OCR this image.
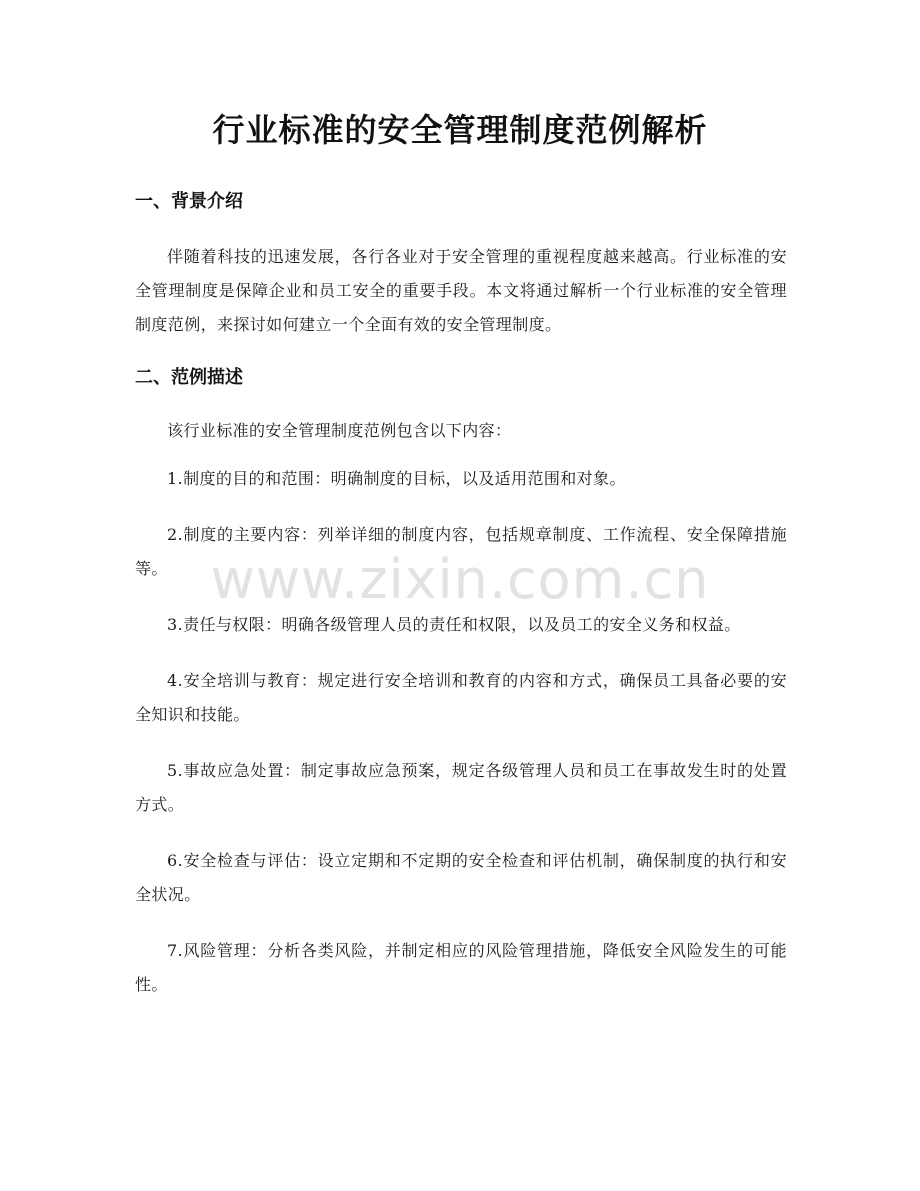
行业标准的安全管理制度范例解析
一、背景介绍

伴随着科技的迅速发展，各行各业对于安全管理的重视程度越来越高。行业标准的安全管理制度是保障企业和员工安全的重要手段。本文将通过解析一个行业标准的安全管理制度范例，来探讨如何建立一个全面有效的安全管理制度。

二、范例描述

该行业标准的安全管理制度范例包含以下内容：

1.制度的目的和范围：明确制度的目标，以及适用范围和对象。

2.制度的主要内容：列举详细的制度内容，包括规章制度、工作流程、安全保障措施等。

3.责任与权限：明确各级管理人员的责任和权限，以及员工的安全义务和权益。

4.安全培训与教育：规定进行安全培训和教育的内容和方式，确保员工具备必要的安全知识和技能。

5.事故应急处置：制定事故应急预案，规定各级管理人员和员工在事故发生时的处置方式。

6.安全检查与评估：设立定期和不定期的安全检查和评估机制，确保制度的执行和安全状况。

7.风险管理：分析各类风险，并制定相应的风险管理措施，降低安全风险发生的可能性。

www.zixin.com.cn
